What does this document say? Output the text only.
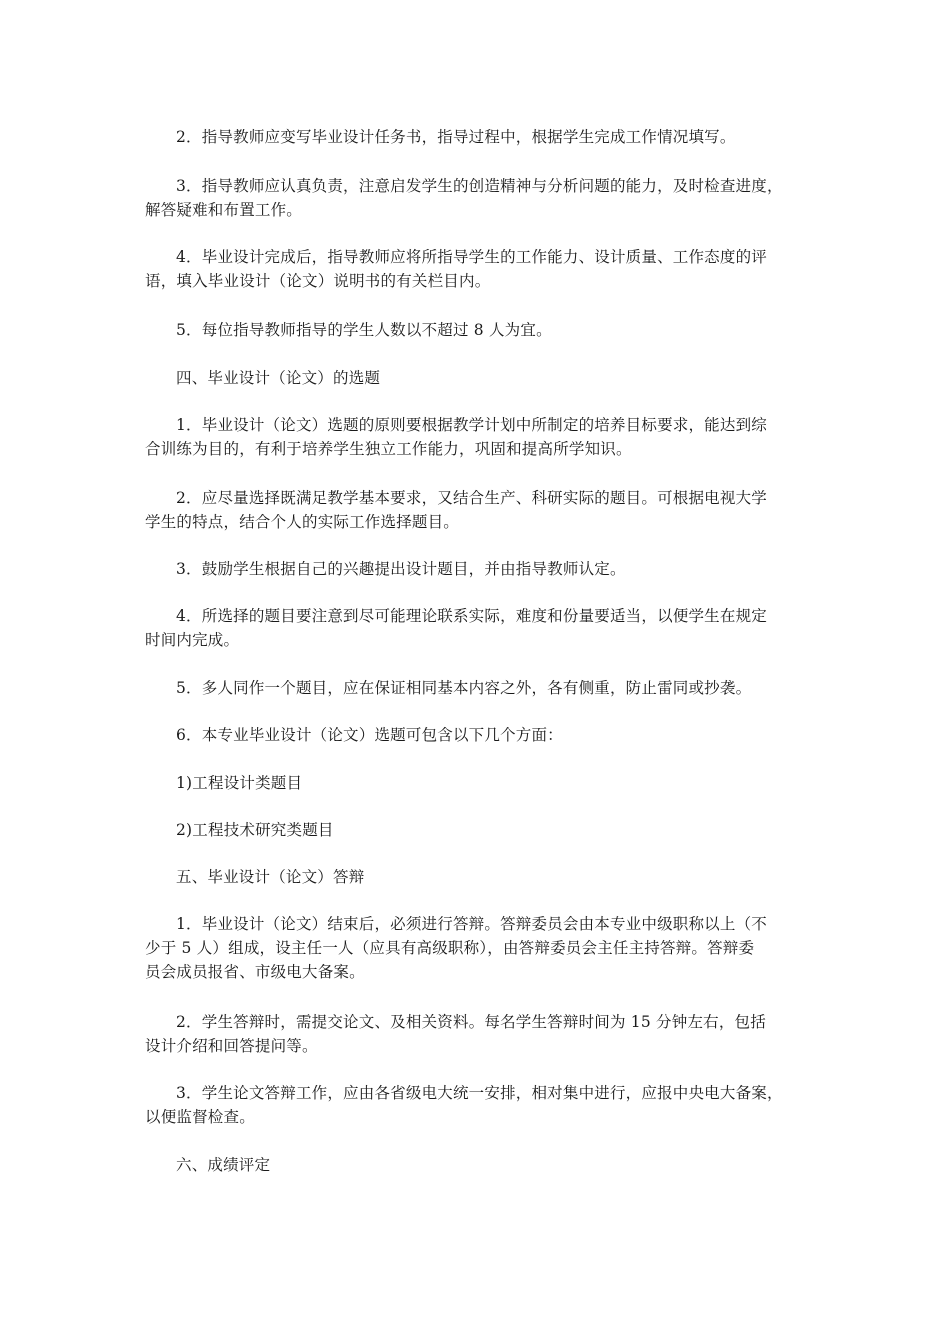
2．指导教师应变写毕业设计任务书，指导过程中，根据学生完成工作情况填写。

3．指导教师应认真负责，注意启发学生的创造精神与分析问题的能力，及时检查进度，
解答疑难和布置工作。

4．毕业设计完成后，指导教师应将所指导学生的工作能力、设计质量、工作态度的评
语，填入毕业设计（论文）说明书的有关栏目内。

5．每位指导教师指导的学生人数以不超过 8 人为宜。

四、毕业设计（论文）的选题

1．毕业设计（论文）选题的原则要根据教学计划中所制定的培养目标要求，能达到综
合训练为目的，有利于培养学生独立工作能力，巩固和提高所学知识。

2．应尽量选择既满足教学基本要求，又结合生产、科研实际的题目。可根据电视大学
学生的特点，结合个人的实际工作选择题目。

3．鼓励学生根据自己的兴趣提出设计题目，并由指导教师认定。

4．所选择的题目要注意到尽可能理论联系实际，难度和份量要适当，以便学生在规定
时间内完成。

5．多人同作一个题目，应在保证相同基本内容之外，各有侧重，防止雷同或抄袭。

6．本专业毕业设计（论文）选题可包含以下几个方面：

1)工程设计类题目

2)工程技术研究类题目

五、毕业设计（论文）答辩

1．毕业设计（论文）结束后，必须进行答辩。答辩委员会由本专业中级职称以上（不
少于 5 人）组成，设主任一人（应具有高级职称），由答辩委员会主任主持答辩。答辩委
员会成员报省、市级电大备案。

2．学生答辩时，需提交论文、及相关资料。每名学生答辩时间为 15 分钟左右，包括
设计介绍和回答提问等。

3．学生论文答辩工作，应由各省级电大统一安排，相对集中进行，应报中央电大备案，
以便监督检查。

六、成绩评定
